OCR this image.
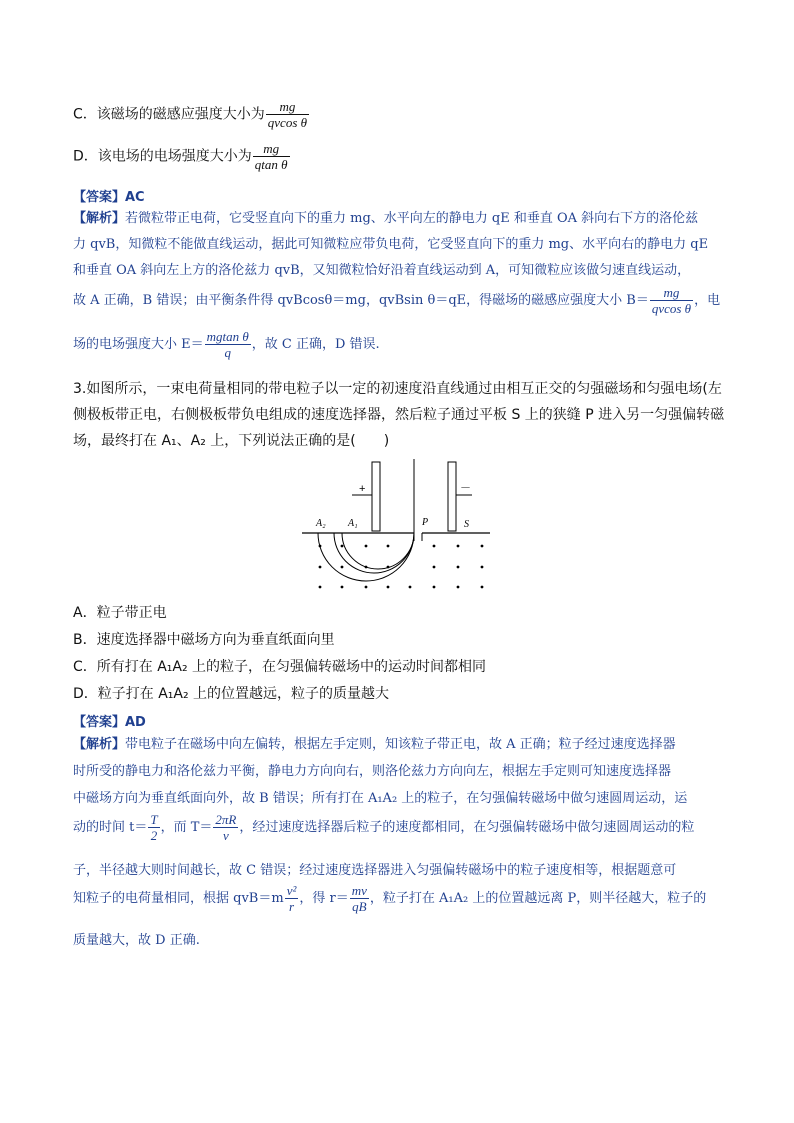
C．该磁场的磁感应强度大小为 $\frac{mg}{\text{qvcos θ}}$
D．该电场的电场强度大小为 $\frac{mg}{\text{qtan θ}}$
【答案】AC
【解析】若微粒带正电荷，它受竖直向下的重力 mg、水平向左的静电力 qE 和垂直 OA 斜向右下方的洛伦兹
力 qvB，知微粒不能做直线运动，据此可知微粒应带负电荷，它受竖直向下的重力 mg、水平向右的静电力 qE
和垂直 OA 斜向左上方的洛伦兹力 qvB，又知微粒恰好沿着直线运动到 A，可知微粒应该做匀速直线运动，
故 A 正确，B 错误；由平衡条件得 qvBcosθ＝mg，qvBsin θ＝qE，得磁场的磁感应强度大小 $B= \frac{mg}{\text{qvcos θ}}$ ，电
场的电场强度大小 $E= \frac{\text{mgtan θ}}{q}$ ，故 C 正确，D 错误.
3.如图所示，一束电荷量相同的带电粒子以一定的初速度沿直线通过由相互正交的匀强磁场和匀强电场(左
侧极板带正电，右侧极板带负电组成的速度选择器，然后粒子通过平板 S 上的狭缝 P 进入另一匀强偏转磁
场，最终打在 A₁、A₂ 上，下列说法正确的是(　　)
+	－
A₂ A₁	P	S
A．粒子带正电
B．速度选择器中磁场方向为垂直纸面向里
C．所有打在 A₁A₂ 上的粒子，在匀强偏转磁场中的运动时间都相同
D．粒子打在 A₁A₂ 上的位置越远，粒子的质量越大
【答案】AD
【解析】带电粒子在磁场中向左偏转，根据左手定则，知该粒子带正电，故 A 正确；粒子经过速度选择器
时所受的静电力和洛伦兹力平衡，静电力方向向右，则洛伦兹力方向向左，根据左手定则可知速度选择器
中磁场方向为垂直纸面向外，故 B 错误；所有打在 A₁A₂ 上的粒子，在匀强偏转磁场中做匀速圆周运动，运
动的时间 $t= \frac{T}{2}$ ，而 $T= \frac{2\pi R}{v}$ ，经过速度选择器后粒子的速度都相同，在匀强偏转磁场中做匀速圆周运动的粒
子，半径越大则时间越长，故 C 错误；经过速度选择器进入匀强偏转磁场中的粒子速度相等，根据题意可
知粒子的电荷量相同，根据 $qvB=m \frac{\text{v²}}{r}$ ，得 $r= \frac{mv}{qB}$ ，粒子打在 A₁A₂ 上的位置越远离 P，则半径越大，粒子的
质量越大，故 D 正确.
